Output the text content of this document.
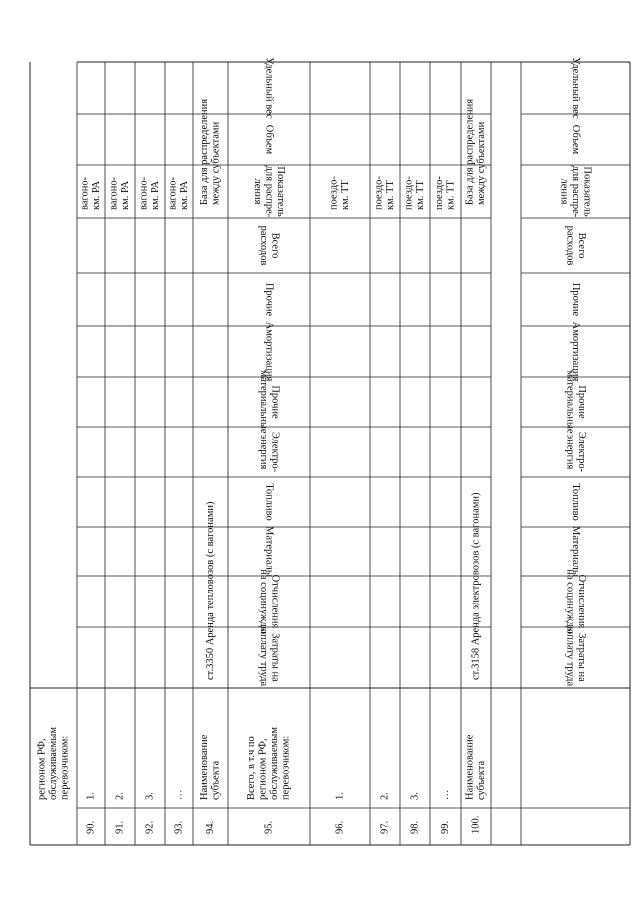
90.
1.
вагоно- км. РА
91.
2.
вагоно- км. РА
92.
3.
вагоно- км. РА
93.
…
вагоно- км. РА
94.
Наименование субъекта
95.
Всего, в т.ч по регионом РФ, обслуживаемым перевозчиком:
96.
1.
поездо- км. ТТ
97.
2.
поездо- км. ТТ
98.
3.
поездо- км. ТТ
99.
…
поездо- км. ТТ
100.
Наименование субъекта
регионом РФ, обслуживаемым перевозчиком:
ст.3350 Аренда тепловозов (с вагонами)	ст.3158 Аренда электровозов (с вагонами)
База для распределения между субъектами	База для распределения между субъектами
Затраты на
оплату труда
Отчисления
на социнужды
Материалы
Топливо
Электро-
энергия
Прочие
материальные
Амортизация
Прочие
Всего
расходов
Показатель
для распре-
ления
Объем
Удельный вес
Затраты на
оплату труда
Отчисления
на социнужды
Материалы
Топливо
Электро-
энергия
Прочие
материальные
Амортизация
Прочие
Всего
расходов
Показатель
для распре-
ления
Объем
Удельный вес
